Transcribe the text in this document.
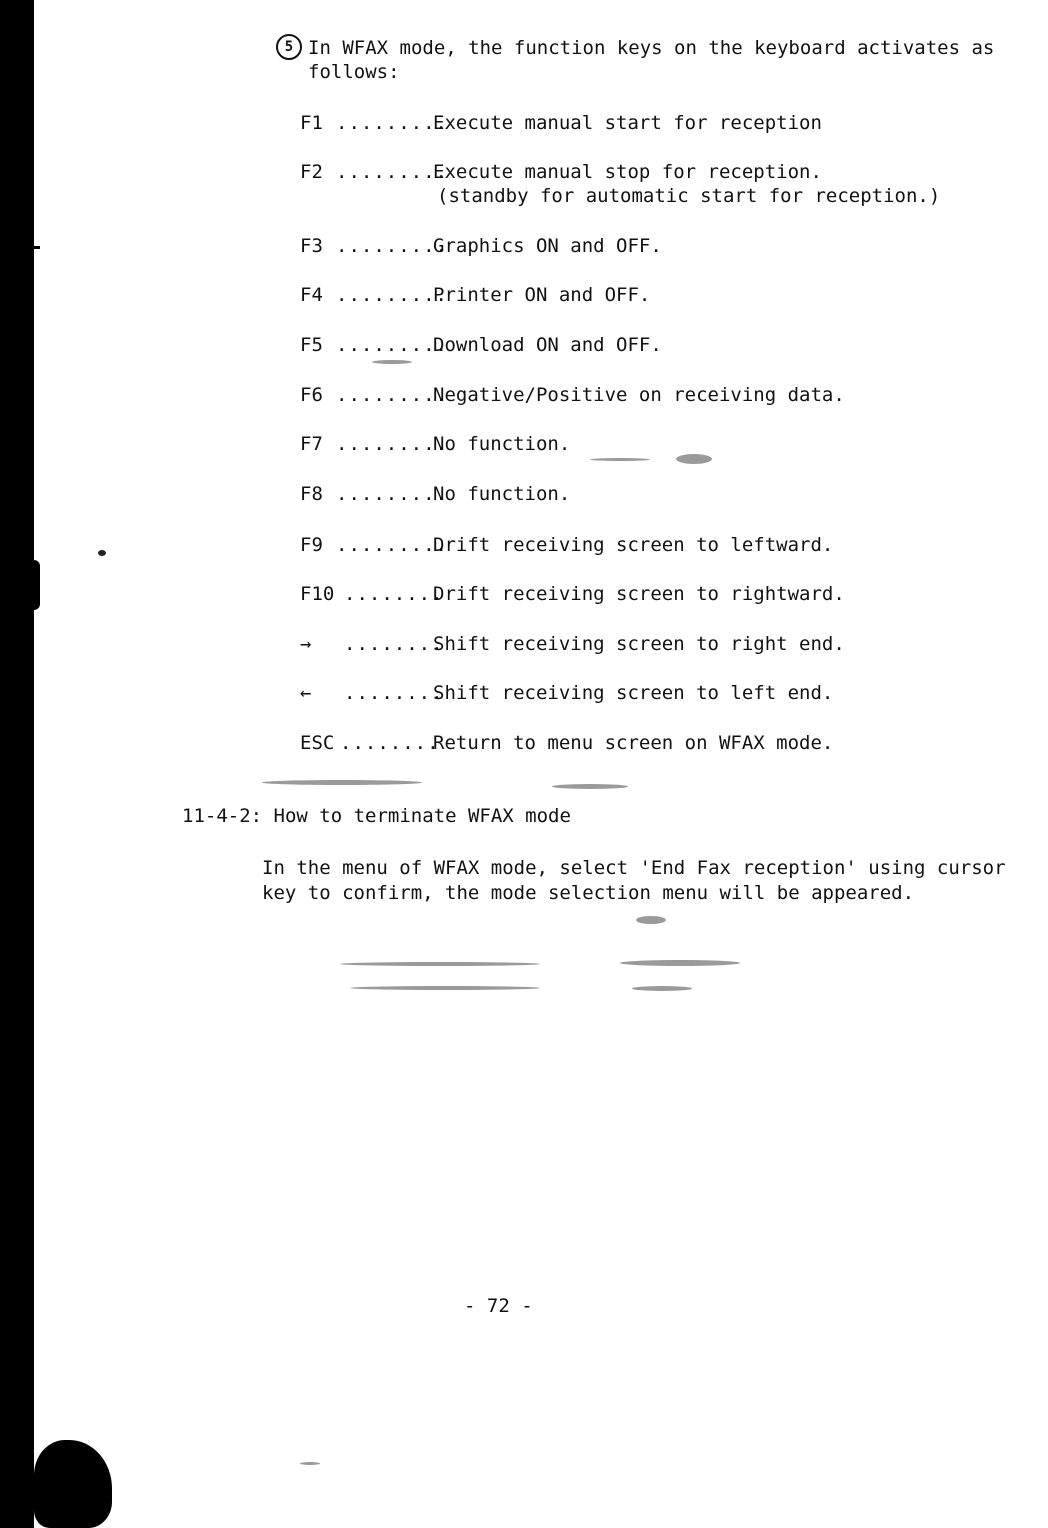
5 In WFAX mode, the function keys on the keyboard activates as
follows:
F1 .........
Execute manual start for reception
F2 .........
Execute manual stop for reception.
(standby for automatic start for reception.)
F3 .........
Graphics ON and OFF.
F4 .........
Printer ON and OFF.
F5 .........
Download ON and OFF.
F6 .........
Negative/Positive on receiving data.
F7 .........
No function.
F8 .........
No function.
F9 .........
Drift receiving screen to leftward.
F10 ........
Drift receiving screen to rightward.
→	........
Shift receiving screen to right end.
←	........
Shift receiving screen to left end.
ESC ........
Return to menu screen on WFAX mode.
11-4-2: How to terminate WFAX mode
In the menu of WFAX mode, select 'End Fax reception' using cursor
key to confirm, the mode selection menu will be appeared.
- 72 -
